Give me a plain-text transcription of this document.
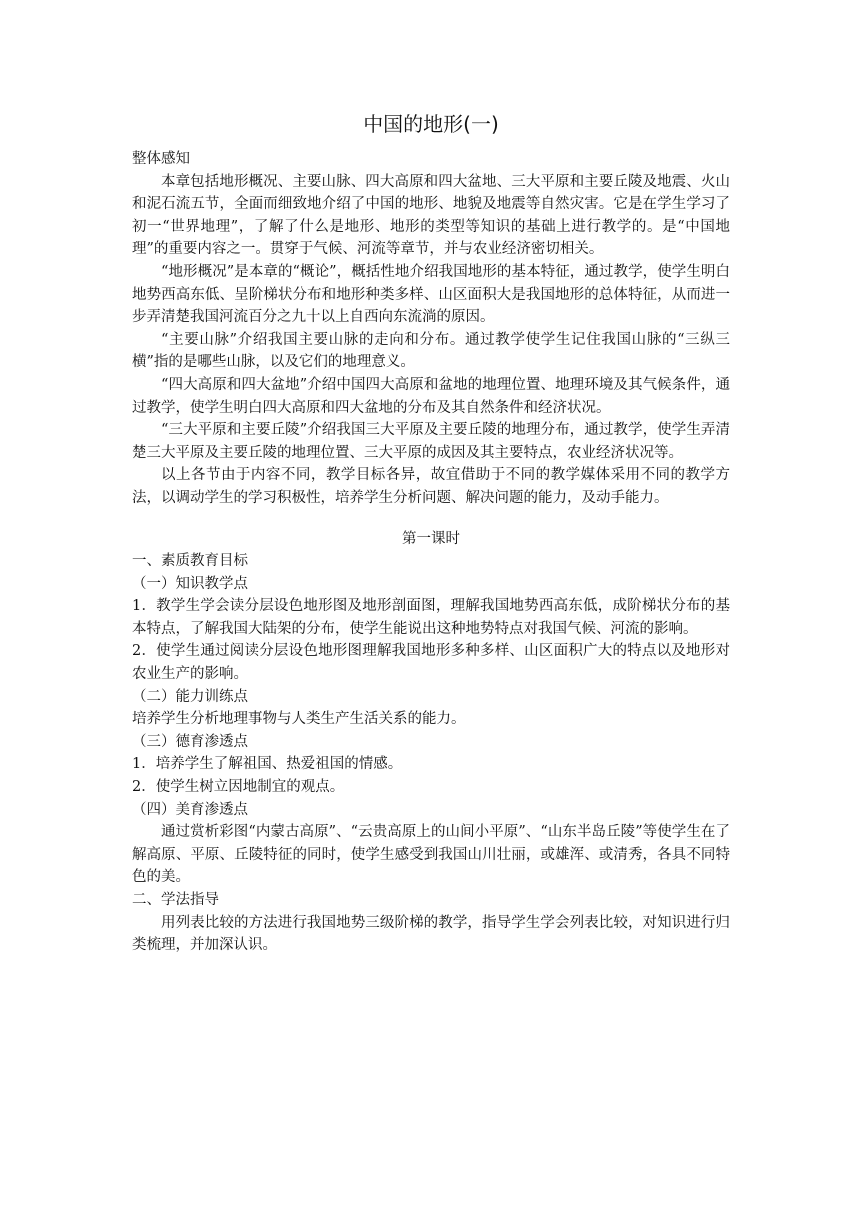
中国的地形(一)

整体感知

本章包括地形概况、主要山脉、四大高原和四大盆地、三大平原和主要丘陵及地震、火山和泥石流五节，全面而细致地介绍了中国的地形、地貌及地震等自然灾害。它是在学生学习了初一“世界地理”，了解了什么是地形、地形的类型等知识的基础上进行教学的。是“中国地理”的重要内容之一。贯穿于气候、河流等章节，并与农业经济密切相关。

“地形概况”是本章的“概论”，概括性地介绍我国地形的基本特征，通过教学，使学生明白地势西高东低、呈阶梯状分布和地形种类多样、山区面积大是我国地形的总体特征，从而进一步弄清楚我国河流百分之九十以上自西向东流淌的原因。

“主要山脉”介绍我国主要山脉的走向和分布。通过教学使学生记住我国山脉的“三纵三横”指的是哪些山脉，以及它们的地理意义。

“四大高原和四大盆地”介绍中国四大高原和盆地的地理位置、地理环境及其气候条件，通过教学，使学生明白四大高原和四大盆地的分布及其自然条件和经济状况。

“三大平原和主要丘陵”介绍我国三大平原及主要丘陵的地理分布，通过教学，使学生弄清楚三大平原及主要丘陵的地理位置、三大平原的成因及其主要特点，农业经济状况等。

以上各节由于内容不同，教学目标各异，故宜借助于不同的教学媒体采用不同的教学方法，以调动学生的学习积极性，培养学生分析问题、解决问题的能力，及动手能力。

第一课时

一、素质教育目标

（一）知识教学点

1．教学生学会读分层设色地形图及地形剖面图，理解我国地势西高东低，成阶梯状分布的基本特点，了解我国大陆架的分布，使学生能说出这种地势特点对我国气候、河流的影响。

2．使学生通过阅读分层设色地形图理解我国地形多种多样、山区面积广大的特点以及地形对农业生产的影响。

（二）能力训练点

培养学生分析地理事物与人类生产生活关系的能力。

（三）德育渗透点

1．培养学生了解祖国、热爱祖国的情感。

2．使学生树立因地制宜的观点。

（四）美育渗透点

通过赏析彩图“内蒙古高原”、“云贵高原上的山间小平原”、“山东半岛丘陵”等使学生在了解高原、平原、丘陵特征的同时，使学生感受到我国山川壮丽，或雄浑、或清秀，各具不同特色的美。

二、学法指导

用列表比较的方法进行我国地势三级阶梯的教学，指导学生学会列表比较，对知识进行归类梳理，并加深认识。
